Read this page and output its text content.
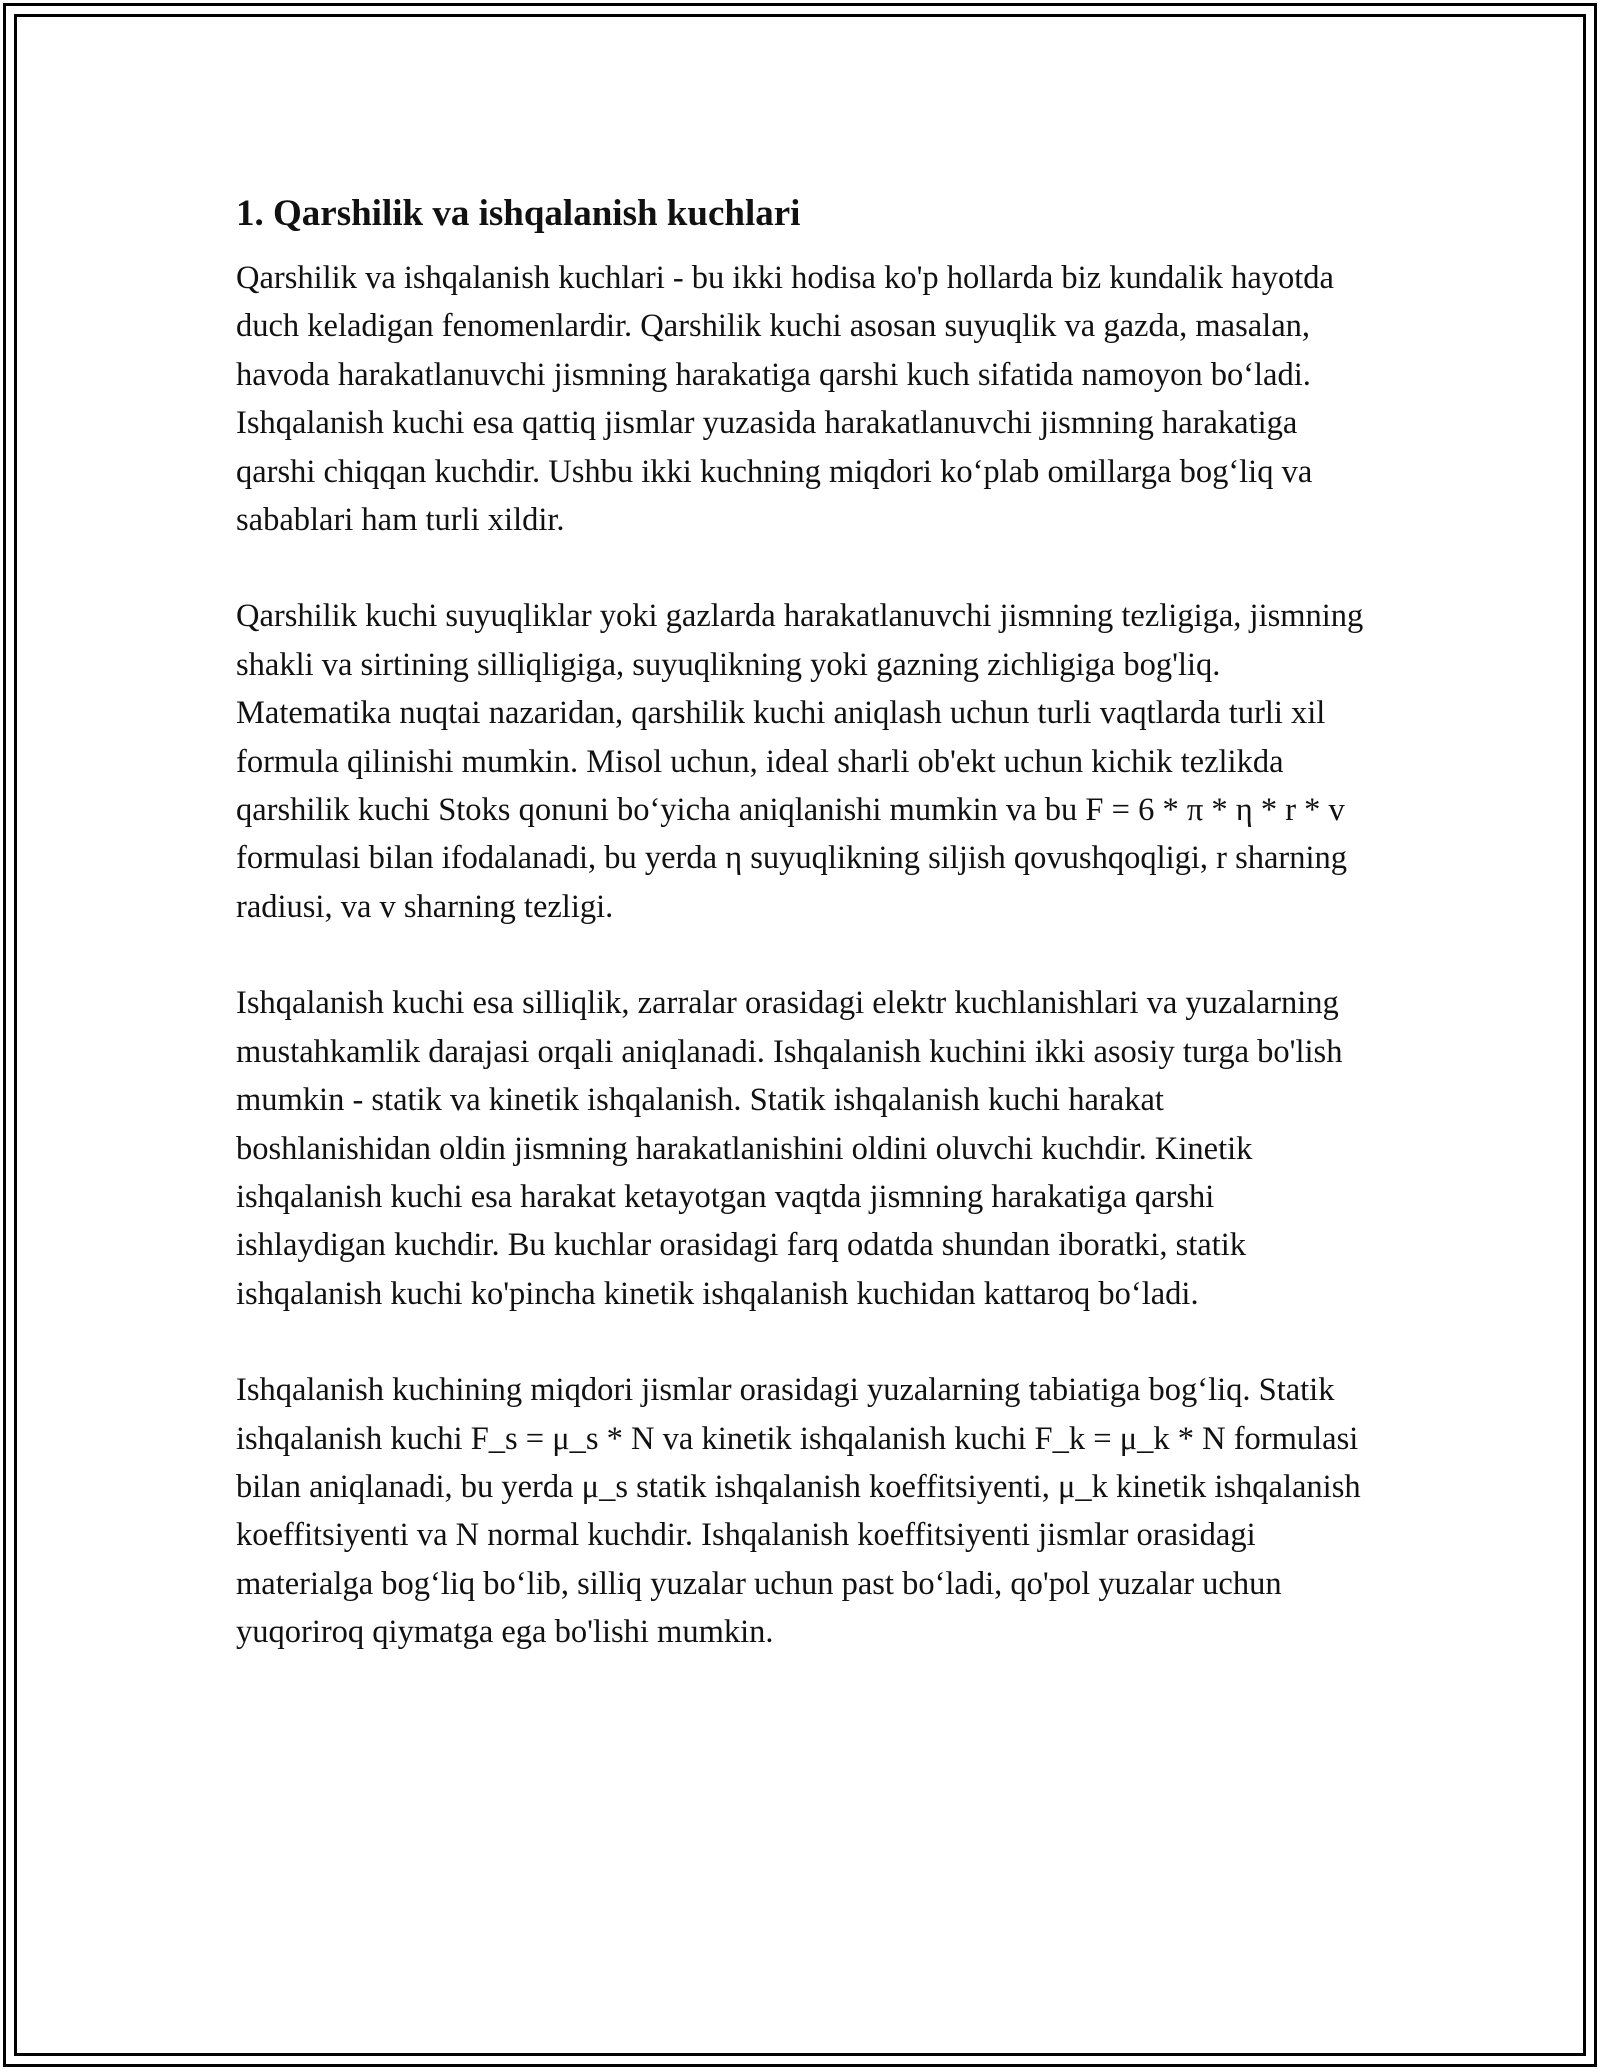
1. Qarshilik va ishqalanish kuchlari

Qarshilik va ishqalanish kuchlari - bu ikki hodisa ko'p hollarda biz kundalik hayotda duch keladigan fenomenlardir. Qarshilik kuchi asosan suyuqlik va gazda, masalan, havoda harakatlanuvchi jismning harakatiga qarshi kuch sifatida namoyon bo‘ladi. Ishqalanish kuchi esa qattiq jismlar yuzasida harakatlanuvchi jismning harakatiga qarshi chiqqan kuchdir. Ushbu ikki kuchning miqdori ko‘plab omillarga bog‘liq va sabablari ham turli xildir.

Qarshilik kuchi suyuqliklar yoki gazlarda harakatlanuvchi jismning tezligiga, jismning shakli va sirtining silliqligiga, suyuqlikning yoki gazning zichligiga bog'liq. Matematika nuqtai nazaridan, qarshilik kuchi aniqlash uchun turli vaqtlarda turli xil formula qilinishi mumkin. Misol uchun, ideal sharli ob'ekt uchun kichik tezlikda qarshilik kuchi Stoks qonuni bo‘yicha aniqlanishi mumkin va bu F = 6 * π * η * r * v formulasi bilan ifodalanadi, bu yerda η suyuqlikning siljish qovushqoqligi, r sharning radiusi, va v sharning tezligi.

Ishqalanish kuchi esa silliqlik, zarralar orasidagi elektr kuchlanishlari va yuzalarning mustahkamlik darajasi orqali aniqlanadi. Ishqalanish kuchini ikki asosiy turga bo'lish mumkin - statik va kinetik ishqalanish. Statik ishqalanish kuchi harakat boshlanishidan oldin jismning harakatlanishini oldini oluvchi kuchdir. Kinetik ishqalanish kuchi esa harakat ketayotgan vaqtda jismning harakatiga qarshi ishlaydigan kuchdir. Bu kuchlar orasidagi farq odatda shundan iboratki, statik ishqalanish kuchi ko'pincha kinetik ishqalanish kuchidan kattaroq bo‘ladi.

Ishqalanish kuchining miqdori jismlar orasidagi yuzalarning tabiatiga bog‘liq. Statik ishqalanish kuchi F_s = μ_s * N va kinetik ishqalanish kuchi F_k = μ_k * N formulasi bilan aniqlanadi, bu yerda μ_s statik ishqalanish koeffitsiyenti, μ_k kinetik ishqalanish koeffitsiyenti va N normal kuchdir. Ishqalanish koeffitsiyenti jismlar orasidagi materialga bog‘liq bo‘lib, silliq yuzalar uchun past bo‘ladi, qo'pol yuzalar uchun yuqoriroq qiymatga ega bo'lishi mumkin.
